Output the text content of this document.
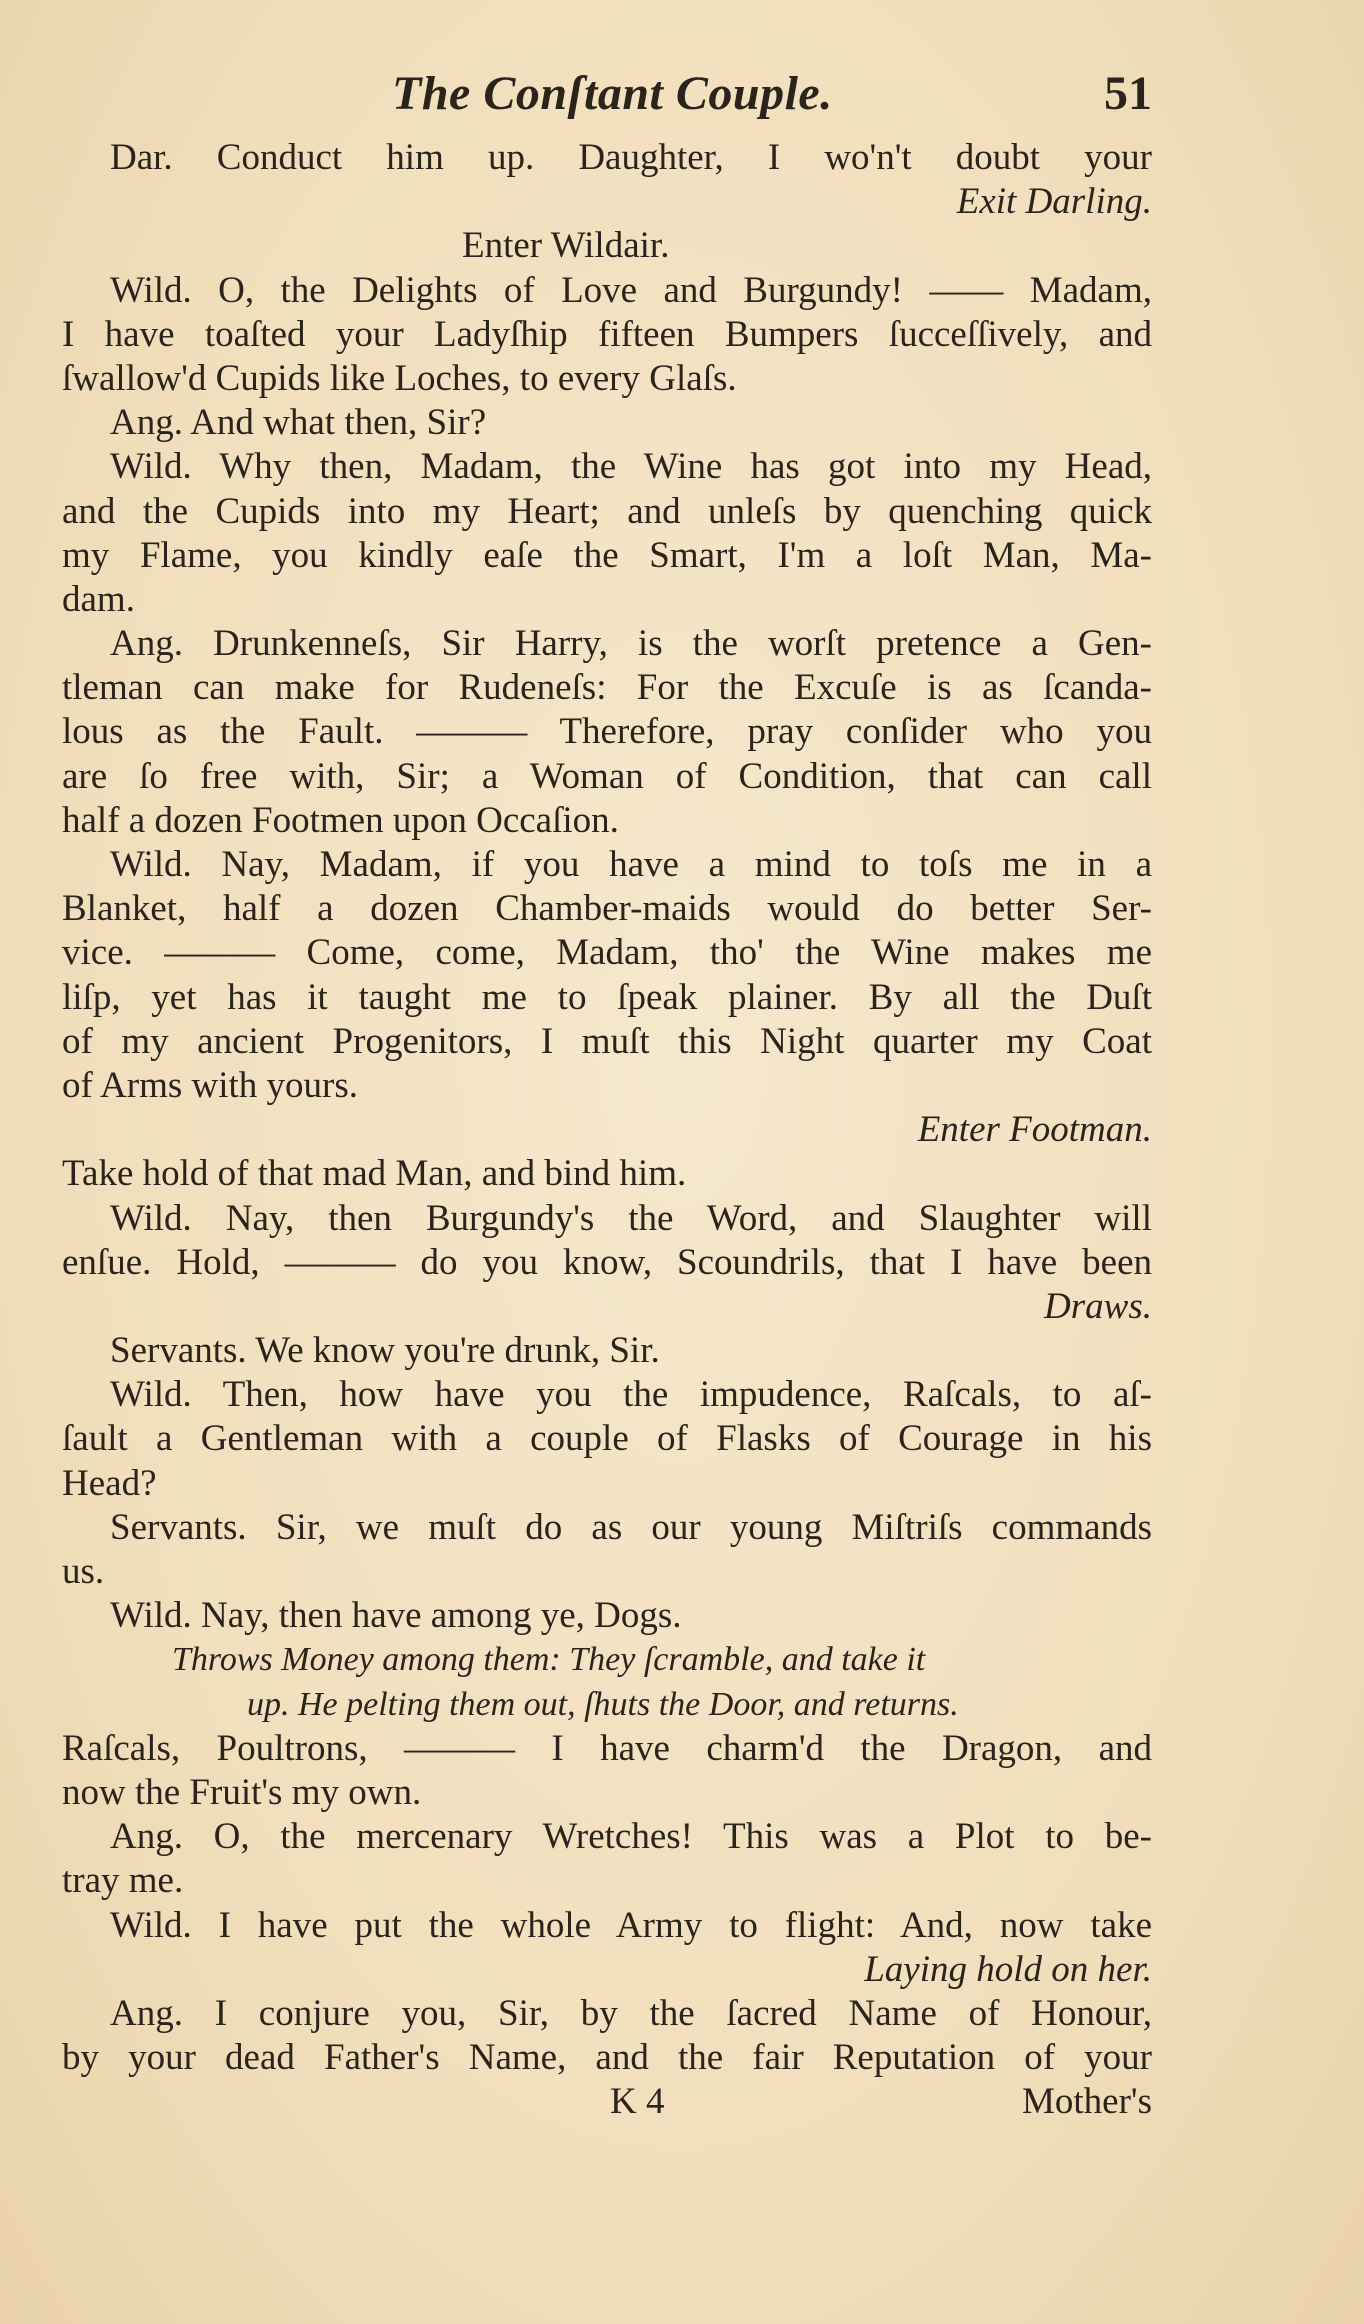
The Conſtant Couple.	51
Dar. Conduct him up. Daughter, I wo'n't doubt your
Exit Darling.
Enter Wildair.
Wild. O, the Delights of Love and Burgundy! —— Madam,
I have toaſted your Ladyſhip fifteen Bumpers ſucceſſively, and
ſwallow'd Cupids like Loches, to every Glaſs.
Ang. And what then, Sir?
Wild. Why then, Madam, the Wine has got into my Head,
and the Cupids into my Heart; and unleſs by quenching quick
my Flame, you kindly eaſe the Smart, I'm a loſt Man, Ma-
dam.
Ang. Drunkenneſs, Sir Harry, is the worſt pretence a Gen-
tleman can make for Rudeneſs: For the Excuſe is as ſcanda-
lous as the Fault. ——— Therefore, pray conſider who you
are ſo free with, Sir; a Woman of Condition, that can call
half a dozen Footmen upon Occaſion.
Wild. Nay, Madam, if you have a mind to toſs me in a
Blanket, half a dozen Chamber-maids would do better Ser-
vice. ——— Come, come, Madam, tho' the Wine makes me
liſp, yet has it taught me to ſpeak plainer. By all the Duſt
of my ancient Progenitors, I muſt this Night quarter my Coat
of Arms with yours.
Enter Footman.
Take hold of that mad Man, and bind him.
Wild. Nay, then Burgundy's the Word, and Slaughter will
enſue. Hold, ——— do you know, Scoundrils, that I have been
Draws.
Servants. We know you're drunk, Sir.
Wild. Then, how have you the impudence, Raſcals, to aſ-
ſault a Gentleman with a couple of Flasks of Courage in his
Head?
Servants. Sir, we muſt do as our young Miſtriſs commands
us.
Wild. Nay, then have among ye, Dogs.
Throws Money among them: They ſcramble, and take it
up. He pelting them out, ſhuts the Door, and returns.
Raſcals, Poultrons, ——— I have charm'd the Dragon, and
now the Fruit's my own.
Ang. O, the mercenary Wretches! This was a Plot to be-
tray me.
Wild. I have put the whole Army to flight: And, now take
Laying hold on her.
Ang. I conjure you, Sir, by the ſacred Name of Honour,
by your dead Father's Name, and the fair Reputation of your
K 4	Mother's
